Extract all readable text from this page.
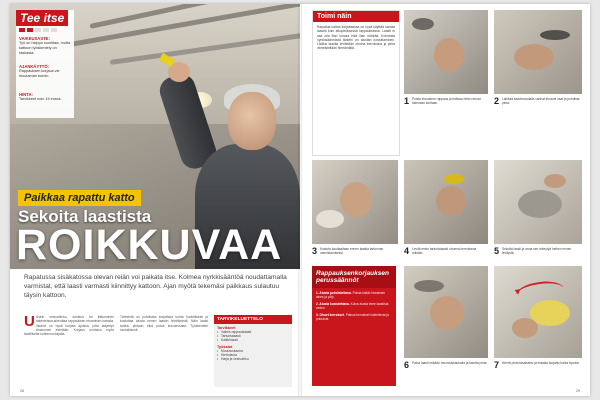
Tee itse
VAIKEUSASTE:
Työ on helppo suorittaa, mutta kattoon työskentely on raskasta.
AJANKÄYTTÖ:
Rappauksen korjaus vie muutaman tunnin.
HINTA:
Tarvikkeet noin 15 euroa.
Paikkaa rapattu katto
Sekoita laastista
ROIKKUVAA
Rapatussa sisäkatossa olevan reiän voi paikata itse. Kolmea nyrkkisääntöä noudattamalla varmistat, että laasti varmasti kiinnittyy kattoon. Ajan myötä tekemäsi paikkaus sulautuu täysin kattoon.
U Usein vesivahinko, kosteus tai liikkuminen rakenteissa aiheuttaa rappauksen irtoamisen katosta. Vauriot on hyvä korjata ajoissa, jotta laajempi irtoaminen estetään. Korjaus onnistuu myös tavalliselta kotiremontoijalta.
Tärkeintä on puhdistaa korjattava kohta huolellisesti ja kostuttaa alusta ennen laastin levittämistä. Näin laasti tarttuu pintaan eikä putoa kuivuessaan. Työskentele rauhallisesti.
TARVIKELUETTELO
Tarvikkeet
• Valmis rappauslaasti
• Tartuntalaasti
• Kalkkimaali
Työkalut
• Muurauskauha
• Hiertolauta
• Harja ja vesisuihku
28
Toimi näin
Rapattua kattoa korjattaessa on hyvä käyttää samaa laastia kuin alkuperäisessä rappauksessa. Laasti ei saa olla liian kuivaa eikä liian märkää. Kolmesta nyrkkisäännöstä tärkein on alustan kostuttaminen. Lisäksi laastia levitetään ohuina kerroksina ja pinta viimeistellään hiertämällä.
1 Poista irtonainen rappaus ja hakkaa reiän reunat tukevaan kohtaan.	2 Laikkaa kaavinraudalla vanhat irtoavat osat ja puhdista pinta.
3 Kostuta kauttaaltaan ennen laastia tartunnan varmistamiseksi.	4 Levitä ensin tartuntalaasti ohuena kerroksena reikään.	5 Sekoita laasti ja anna sen tekeytyä hetken ennen levitystä.
Rappauksenkorjauksen perussäännöt
1. Alusta puhdistettava. Poista kaikki irtonainen aines ja pöly.
2. Alusta kostutettava. Kuiva alusta imee laastista veden.
3. Ohuet kerrokset. Paksut kerrokset halkeilevat ja putoavat.
6 Paina laasti reikään muurauskauhalla ja tasoita pinta. 7 Hierrä pinta tasaiseksi ja maalaa korjattu kohta lopuksi.
29
